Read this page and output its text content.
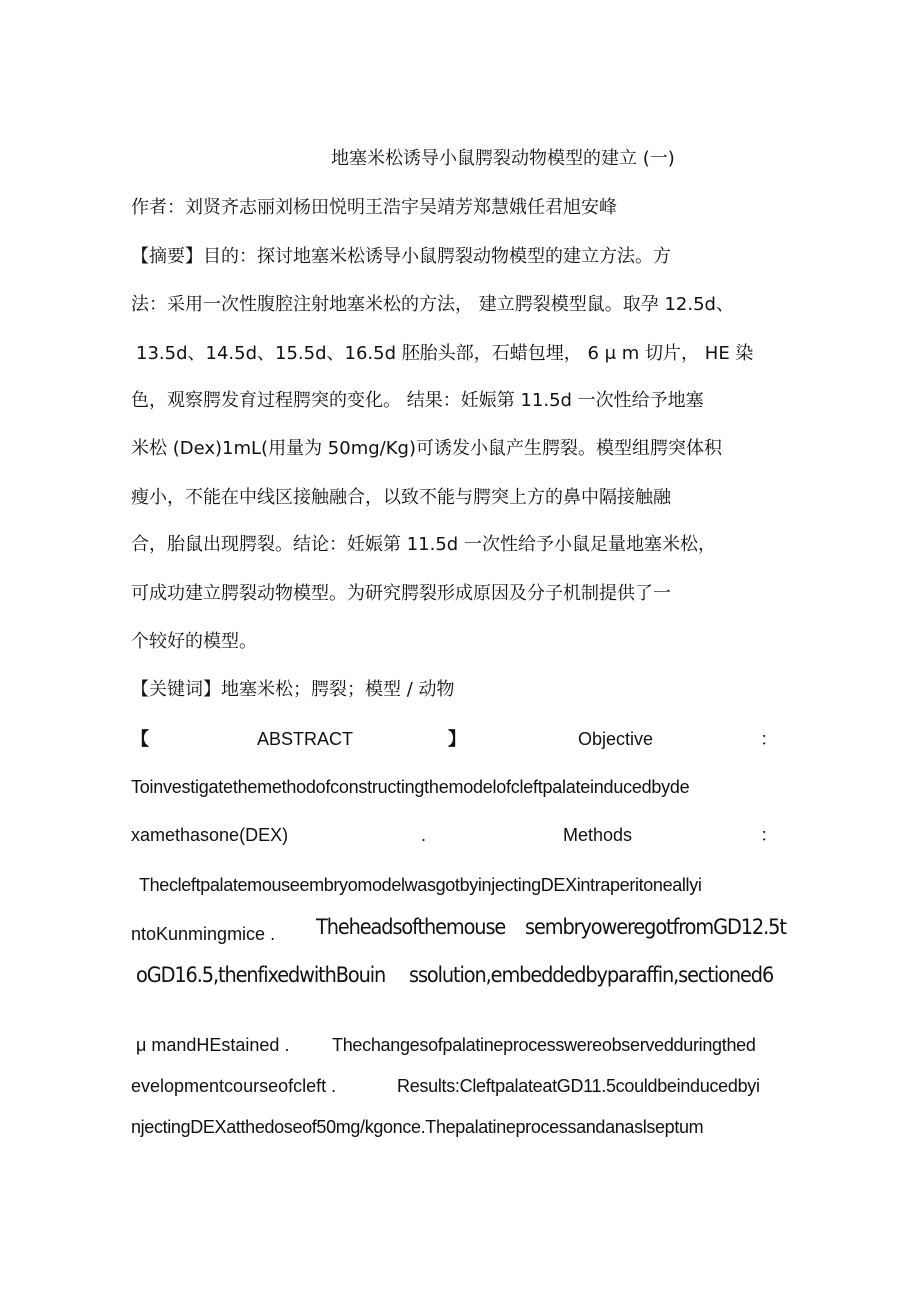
地塞米松诱导小鼠腭裂动物模型的建立 (一)
作者：刘贤齐志丽刘杨田悦明王浩宇吴靖芳郑慧娥任君旭安峰
【摘要】目的：探讨地塞米松诱导小鼠腭裂动物模型的建立方法。方
法：采用一次性腹腔注射地塞米松的方法， 建立腭裂模型鼠。取孕 12.5d、
13.5d、14.5d、15.5d、16.5d 胚胎头部，石蜡包埋， 6 μ m 切片， HE 染
色，观察腭发育过程腭突的变化。 结果：妊娠第 11.5d 一次性给予地塞
米松 (Dex)1mL(用量为 50mg/Kg)可诱发小鼠产生腭裂。模型组腭突体积
瘦小，不能在中线区接触融合，以致不能与腭突上方的鼻中隔接触融
合，胎鼠出现腭裂。结论：妊娠第 11.5d 一次性给予小鼠足量地塞米松，
可成功建立腭裂动物模型。为研究腭裂形成原因及分子机制提供了一
个较好的模型。
【关键词】地塞米松；腭裂；模型 / 动物
【	ABSTRACT	】	Objective	：
Toinvestigatethemethodofconstructingthemodelofcleftpalateinducedbyde
xamethasone(DEX)	.	Methods	：
ThecleftpalatemouseembryomodelwasgotbyinjectingDEXintraperitoneallyi
ntoKunmingmice . Theheadsofthemouse sembryoweregotfromGD12.5t
oGD16.5,thenfixedwithBouin ssolution,embeddedbyparaffin,sectioned6
μ mandHEstained . Thechangesofpalatineprocesswereobservedduringthed
evelopmentcourseofcleft .	Results:CleftpalateatGD11.5couldbeinducedbyi
njectingDEXatthedoseof50mg/kgonce.Thepalatineprocessandanaslseptum
